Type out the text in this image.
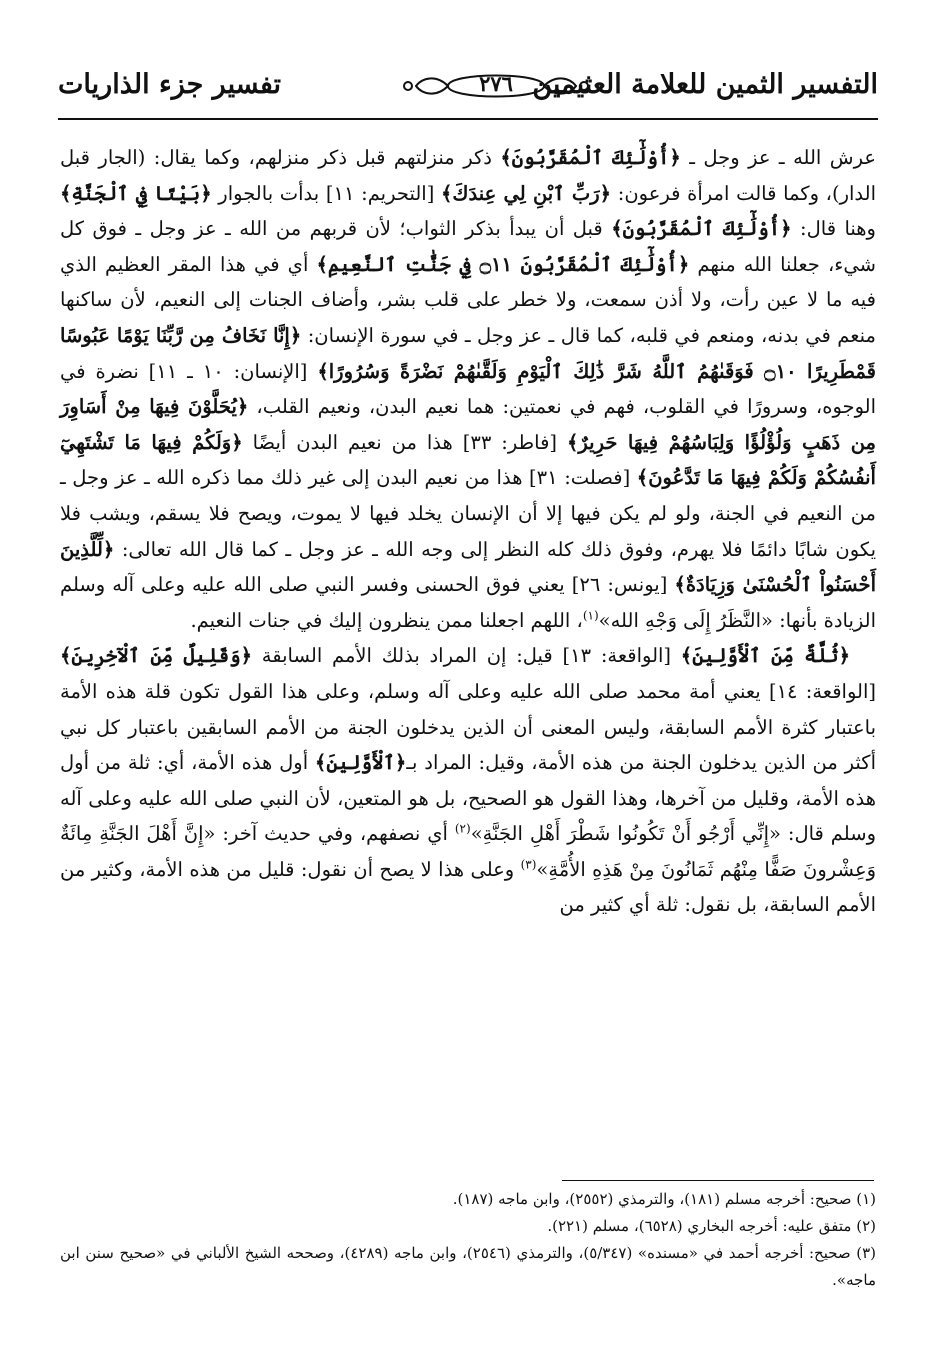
التفسير الثمين للعلامة العثيمين
٢٧٦
تفسير جزء الذاريات

عرش الله ـ عز وجل ـ ﴿أُوْلَٰٓئِكَ ٱلْمُقَرَّبُونَ﴾ ذكر منزلتهم قبل ذكر منزلهم، وكما يقال: (الجار قبل الدار)، وكما قالت امرأة فرعون: ﴿رَبِّ ٱبْنِ لِي عِندَكَ﴾ [التحريم: ١١] بدأت بالجوار ﴿بَيْتًا فِي ٱلْجَنَّةِ﴾ وهنا قال: ﴿أُوْلَٰٓئِكَ ٱلْمُقَرَّبُونَ﴾ قبل أن يبدأ بذكر الثواب؛ لأن قربهم من الله ـ عز وجل ـ فوق كل شيء، جعلنا الله منهم ﴿أُوْلَٰٓئِكَ ٱلْمُقَرَّبُونَ ۝١١ فِي جَنَّٰتِ ٱلنَّعِيمِ﴾ أي في هذا المقر العظيم الذي فيه ما لا عين رأت، ولا أذن سمعت، ولا خطر على قلب بشر، وأضاف الجنات إلى النعيم، لأن ساكنها منعم في بدنه، ومنعم في قلبه، كما قال ـ عز وجل ـ في سورة الإنسان: ﴿إِنَّا نَخَافُ مِن رَّبِّنَا يَوْمًا عَبُوسًا قَمْطَرِيرًا ۝١٠ فَوَقَىٰهُمُ ٱللَّهُ شَرَّ ذَٰلِكَ ٱلْيَوْمِ وَلَقَّىٰهُمْ نَضْرَةً وَسُرُورًا﴾ [الإنسان: ١٠ ـ ١١] نضرة في الوجوه، وسرورًا في القلوب، فهم في نعمتين: هما نعيم البدن، ونعيم القلب، ﴿يُحَلَّوْنَ فِيهَا مِنْ أَسَاوِرَ مِن ذَهَبٍ وَلُؤْلُؤًا وَلِبَاسُهُمْ فِيهَا حَرِيرٌ﴾ [فاطر: ٣٣] هذا من نعيم البدن أيضًا ﴿وَلَكُمْ فِيهَا مَا تَشْتَهِيٓ أَنفُسُكُمْ وَلَكُمْ فِيهَا مَا تَدَّعُونَ﴾ [فصلت: ٣١] هذا من نعيم البدن إلى غير ذلك مما ذكره الله ـ عز وجل ـ من النعيم في الجنة، ولو لم يكن فيها إلا أن الإنسان يخلد فيها لا يموت، ويصح فلا يسقم، ويشب فلا يكون شابًا دائمًا فلا يهرم، وفوق ذلك كله النظر إلى وجه الله ـ عز وجل ـ كما قال الله تعالى: ﴿لِّلَّذِينَ أَحْسَنُواْ ٱلْحُسْنَىٰ وَزِيَادَةٌ﴾ [يونس: ٢٦] يعني فوق الحسنى وفسر النبي صلى الله عليه وعلى آله وسلم الزيادة بأنها: «النَّظَرُ إِلَى وَجْهِ الله»$^{(١)}$، اللهم اجعلنا ممن ينظرون إليك في جنات النعيم.

﴿ثُلَّةٌ مِّنَ ٱلْأَوَّلِينَ﴾ [الواقعة: ١٣] قيل: إن المراد بذلك الأمم السابقة ﴿وَقَلِيلٌ مِّنَ ٱلْآخِرِينَ﴾ [الواقعة: ١٤] يعني أمة محمد صلى الله عليه وعلى آله وسلم، وعلى هذا القول تكون قلة هذه الأمة باعتبار كثرة الأمم السابقة، وليس المعنى أن الذين يدخلون الجنة من الأمم السابقين باعتبار كل نبي أكثر من الذين يدخلون الجنة من هذه الأمة، وقيل: المراد بـ﴿ٱلْأَوَّلِينَ﴾ أول هذه الأمة، أي: ثلة من أول هذه الأمة، وقليل من آخرها، وهذا القول هو الصحيح، بل هو المتعين، لأن النبي صلى الله عليه وعلى آله وسلم قال: «إِنِّي أَرْجُو أَنْ تَكُونُوا شَطْرَ أَهْلِ الجَنَّةِ»$^{(٢)}$ أي نصفهم، وفي حديث آخر: «إِنَّ أَهْلَ الجَنَّةِ مِائَةٌ وَعِشْرونَ صَفًّا مِنْهُم ثَمَانُونَ مِنْ هَذِهِ الأُمَّةِ»$^{(٣)}$ وعلى هذا لا يصح أن نقول: قليل من هذه الأمة، وكثير من الأمم السابقة، بل نقول: ثلة أي كثير من

(١) صحيح: أخرجه مسلم (١٨١)، والترمذي (٢٥٥٢)، وابن ماجه (١٨٧).

(٢) متفق عليه: أخرجه البخاري (٦٥٢٨)، مسلم (٢٢١).

(٣) صحيح: أخرجه أحمد في «مسنده» (٥/٣٤٧)، والترمذي (٢٥٤٦)، وابن ماجه (٤٢٨٩)، وصححه الشيخ الألباني في «صحيح سنن ابن ماجه».
